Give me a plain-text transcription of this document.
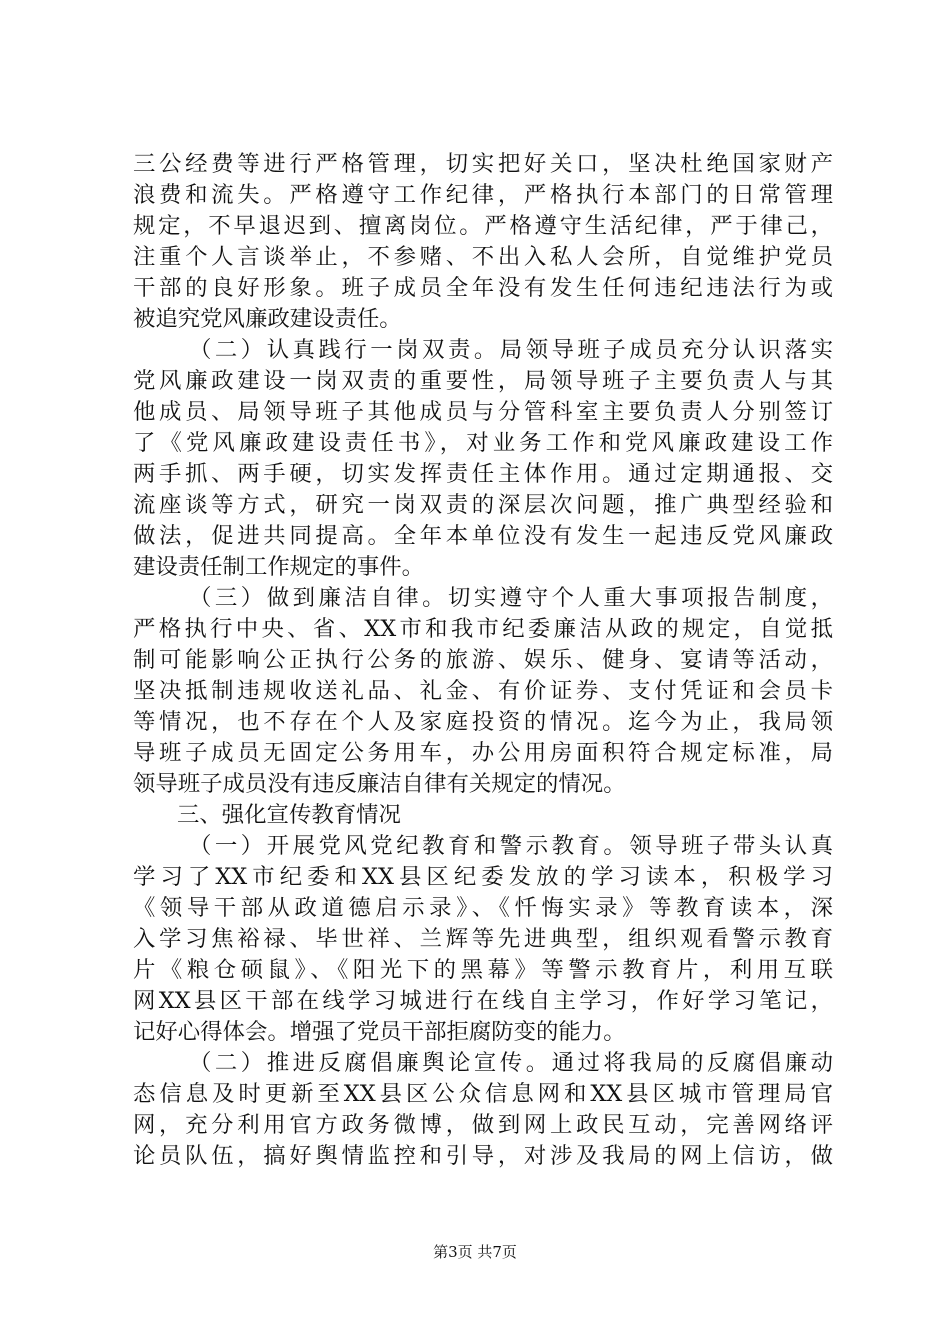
三公经费等进行严格管理，切实把好关口，坚决杜绝国家财产
浪费和流失。严格遵守工作纪律，严格执行本部门的日常管理
规定，不早退迟到、擅离岗位。严格遵守生活纪律，严于律己，
注重个人言谈举止，不参赌、不出入私人会所，自觉维护党员
干部的良好形象。班子成员全年没有发生任何违纪违法行为或
被追究党风廉政建设责任。
（二）认真践行一岗双责。局领导班子成员充分认识落实
党风廉政建设一岗双责的重要性，局领导班子主要负责人与其
他成员、局领导班子其他成员与分管科室主要负责人分别签订
了《党风廉政建设责任书》，对业务工作和党风廉政建设工作
两手抓、两手硬，切实发挥责任主体作用。通过定期通报、交
流座谈等方式，研究一岗双责的深层次问题，推广典型经验和
做法，促进共同提高。全年本单位没有发生一起违反党风廉政
建设责任制工作规定的事件。
（三）做到廉洁自律。切实遵守个人重大事项报告制度，
严格执行中央、省、XX市和我市纪委廉洁从政的规定，自觉抵
制可能影响公正执行公务的旅游、娱乐、健身、宴请等活动，
坚决抵制违规收送礼品、礼金、有价证券、支付凭证和会员卡
等情况，也不存在个人及家庭投资的情况。迄今为止，我局领
导班子成员无固定公务用车，办公用房面积符合规定标准，局
领导班子成员没有违反廉洁自律有关规定的情况。
三、强化宣传教育情况
（一）开展党风党纪教育和警示教育。领导班子带头认真
学习了XX市纪委和XX县区纪委发放的学习读本，积极学习
《领导干部从政道德启示录》、《忏悔实录》等教育读本，深
入学习焦裕禄、毕世祥、兰辉等先进典型，组织观看警示教育
片《粮仓硕鼠》、《阳光下的黑幕》等警示教育片，利用互联
网XX县区干部在线学习城进行在线自主学习，作好学习笔记，
记好心得体会。增强了党员干部拒腐防变的能力。
（二）推进反腐倡廉舆论宣传。通过将我局的反腐倡廉动
态信息及时更新至XX县区公众信息网和XX县区城市管理局官
网，充分利用官方政务微博，做到网上政民互动，完善网络评
论员队伍，搞好舆情监控和引导，对涉及我局的网上信访，做
第3页 共7页
